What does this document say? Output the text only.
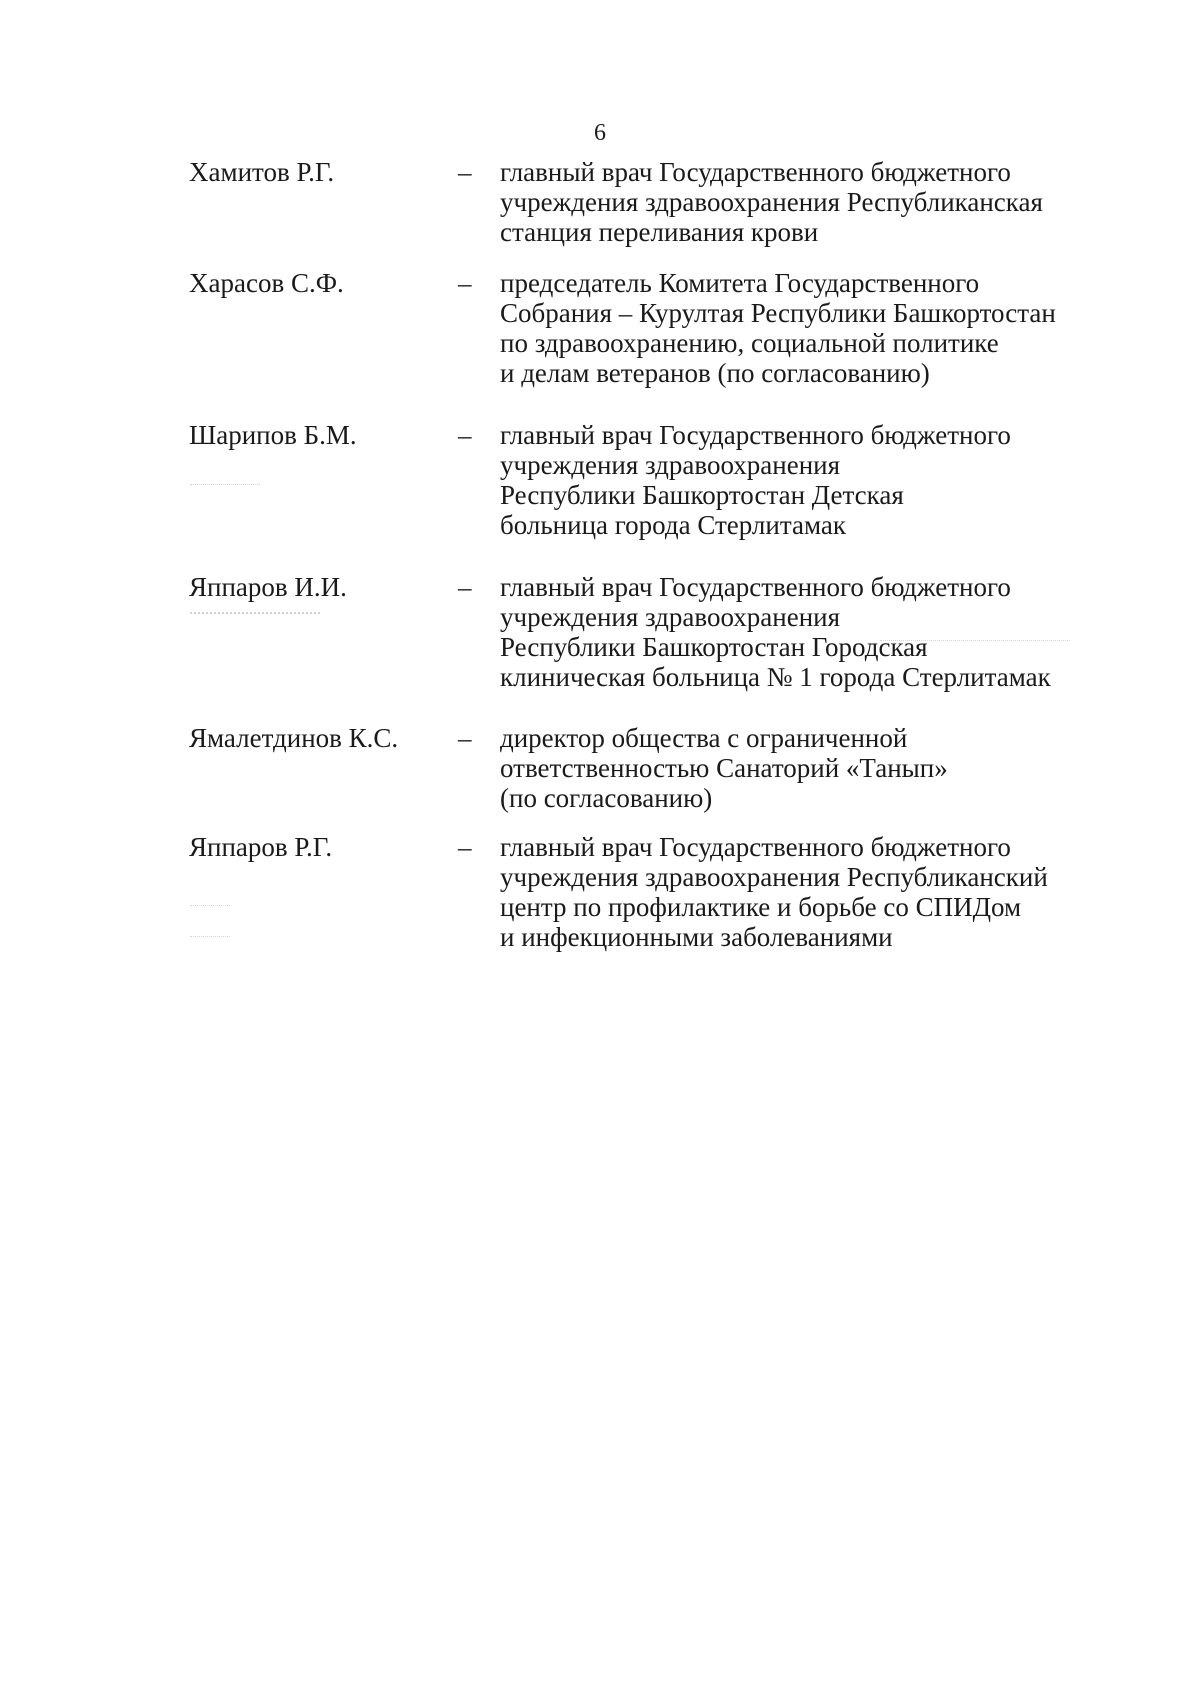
6
Хамитов Р.Г.	– главный врач Государственного бюджетного
учреждения здравоохранения Республиканская
станция переливания крови
Харасов С.Ф.	– председатель Комитета Государственного
Собрания – Курултая Республики Башкортостан
по здравоохранению, социальной политике
и делам ветеранов (по согласованию)
Шарипов Б.М.	– главный врач Государственного бюджетного
учреждения здравоохранения
Республики Башкортостан Детская
больница города Стерлитамак
Яппаров И.И.	– главный врач Государственного бюджетного
учреждения здравоохранения
Республики Башкортостан Городская
клиническая больница № 1 города Стерлитамак
Ямалетдинов К.С. – директор общества с ограниченной
ответственностью Санаторий «Танып»
(по согласованию)
Яппаров Р.Г.	– главный врач Государственного бюджетного
учреждения здравоохранения Республиканский
центр по профилактике и борьбе со СПИДом
и инфекционными заболеваниями
